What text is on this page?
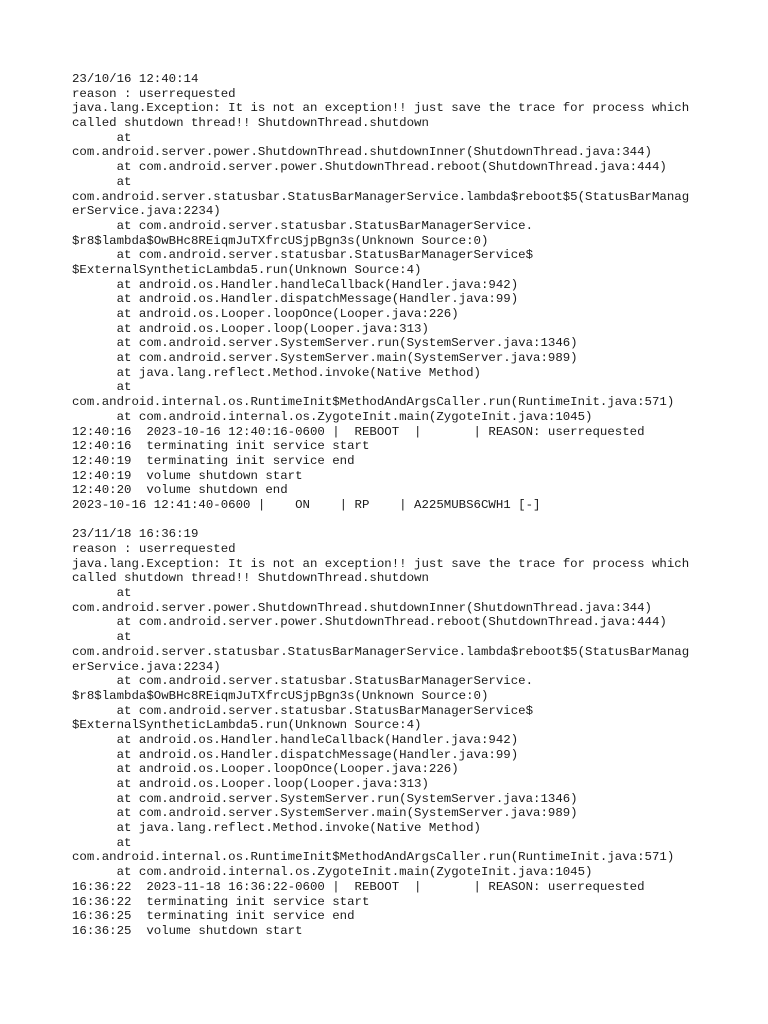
23/10/16 12:40:14
reason : userrequested
java.lang.Exception: It is not an exception!! just save the trace for process which
called shutdown thread!! ShutdownThread.shutdown
at
com.android.server.power.ShutdownThread.shutdownInner(ShutdownThread.java:344)
at com.android.server.power.ShutdownThread.reboot(ShutdownThread.java:444)
at
com.android.server.statusbar.StatusBarManagerService.lambda$reboot$5(StatusBarManag
erService.java:2234)
at com.android.server.statusbar.StatusBarManagerService.
$r8$lambda$OwBHc8REiqmJuTXfrcUSjpBgn3s(Unknown Source:0)
at com.android.server.statusbar.StatusBarManagerService$
$ExternalSyntheticLambda5.run(Unknown Source:4)
at android.os.Handler.handleCallback(Handler.java:942)
at android.os.Handler.dispatchMessage(Handler.java:99)
at android.os.Looper.loopOnce(Looper.java:226)
at android.os.Looper.loop(Looper.java:313)
at com.android.server.SystemServer.run(SystemServer.java:1346)
at com.android.server.SystemServer.main(SystemServer.java:989)
at java.lang.reflect.Method.invoke(Native Method)
at
com.android.internal.os.RuntimeInit$MethodAndArgsCaller.run(RuntimeInit.java:571)
at com.android.internal.os.ZygoteInit.main(ZygoteInit.java:1045)
12:40:16  2023-10-16 12:40:16-0600 |  REBOOT  |       | REASON: userrequested
12:40:16  terminating init service start
12:40:19  terminating init service end
12:40:19  volume shutdown start
12:40:20  volume shutdown end
2023-10-16 12:41:40-0600 |    ON    | RP    | A225MUBS6CWH1 [-]
23/11/18 16:36:19
reason : userrequested
java.lang.Exception: It is not an exception!! just save the trace for process which
called shutdown thread!! ShutdownThread.shutdown
at
com.android.server.power.ShutdownThread.shutdownInner(ShutdownThread.java:344)
at com.android.server.power.ShutdownThread.reboot(ShutdownThread.java:444)
at
com.android.server.statusbar.StatusBarManagerService.lambda$reboot$5(StatusBarManag
erService.java:2234)
at com.android.server.statusbar.StatusBarManagerService.
$r8$lambda$OwBHc8REiqmJuTXfrcUSjpBgn3s(Unknown Source:0)
at com.android.server.statusbar.StatusBarManagerService$
$ExternalSyntheticLambda5.run(Unknown Source:4)
at android.os.Handler.handleCallback(Handler.java:942)
at android.os.Handler.dispatchMessage(Handler.java:99)
at android.os.Looper.loopOnce(Looper.java:226)
at android.os.Looper.loop(Looper.java:313)
at com.android.server.SystemServer.run(SystemServer.java:1346)
at com.android.server.SystemServer.main(SystemServer.java:989)
at java.lang.reflect.Method.invoke(Native Method)
at
com.android.internal.os.RuntimeInit$MethodAndArgsCaller.run(RuntimeInit.java:571)
at com.android.internal.os.ZygoteInit.main(ZygoteInit.java:1045)
16:36:22  2023-11-18 16:36:22-0600 |  REBOOT  |       | REASON: userrequested
16:36:22  terminating init service start
16:36:25  terminating init service end
16:36:25  volume shutdown start
